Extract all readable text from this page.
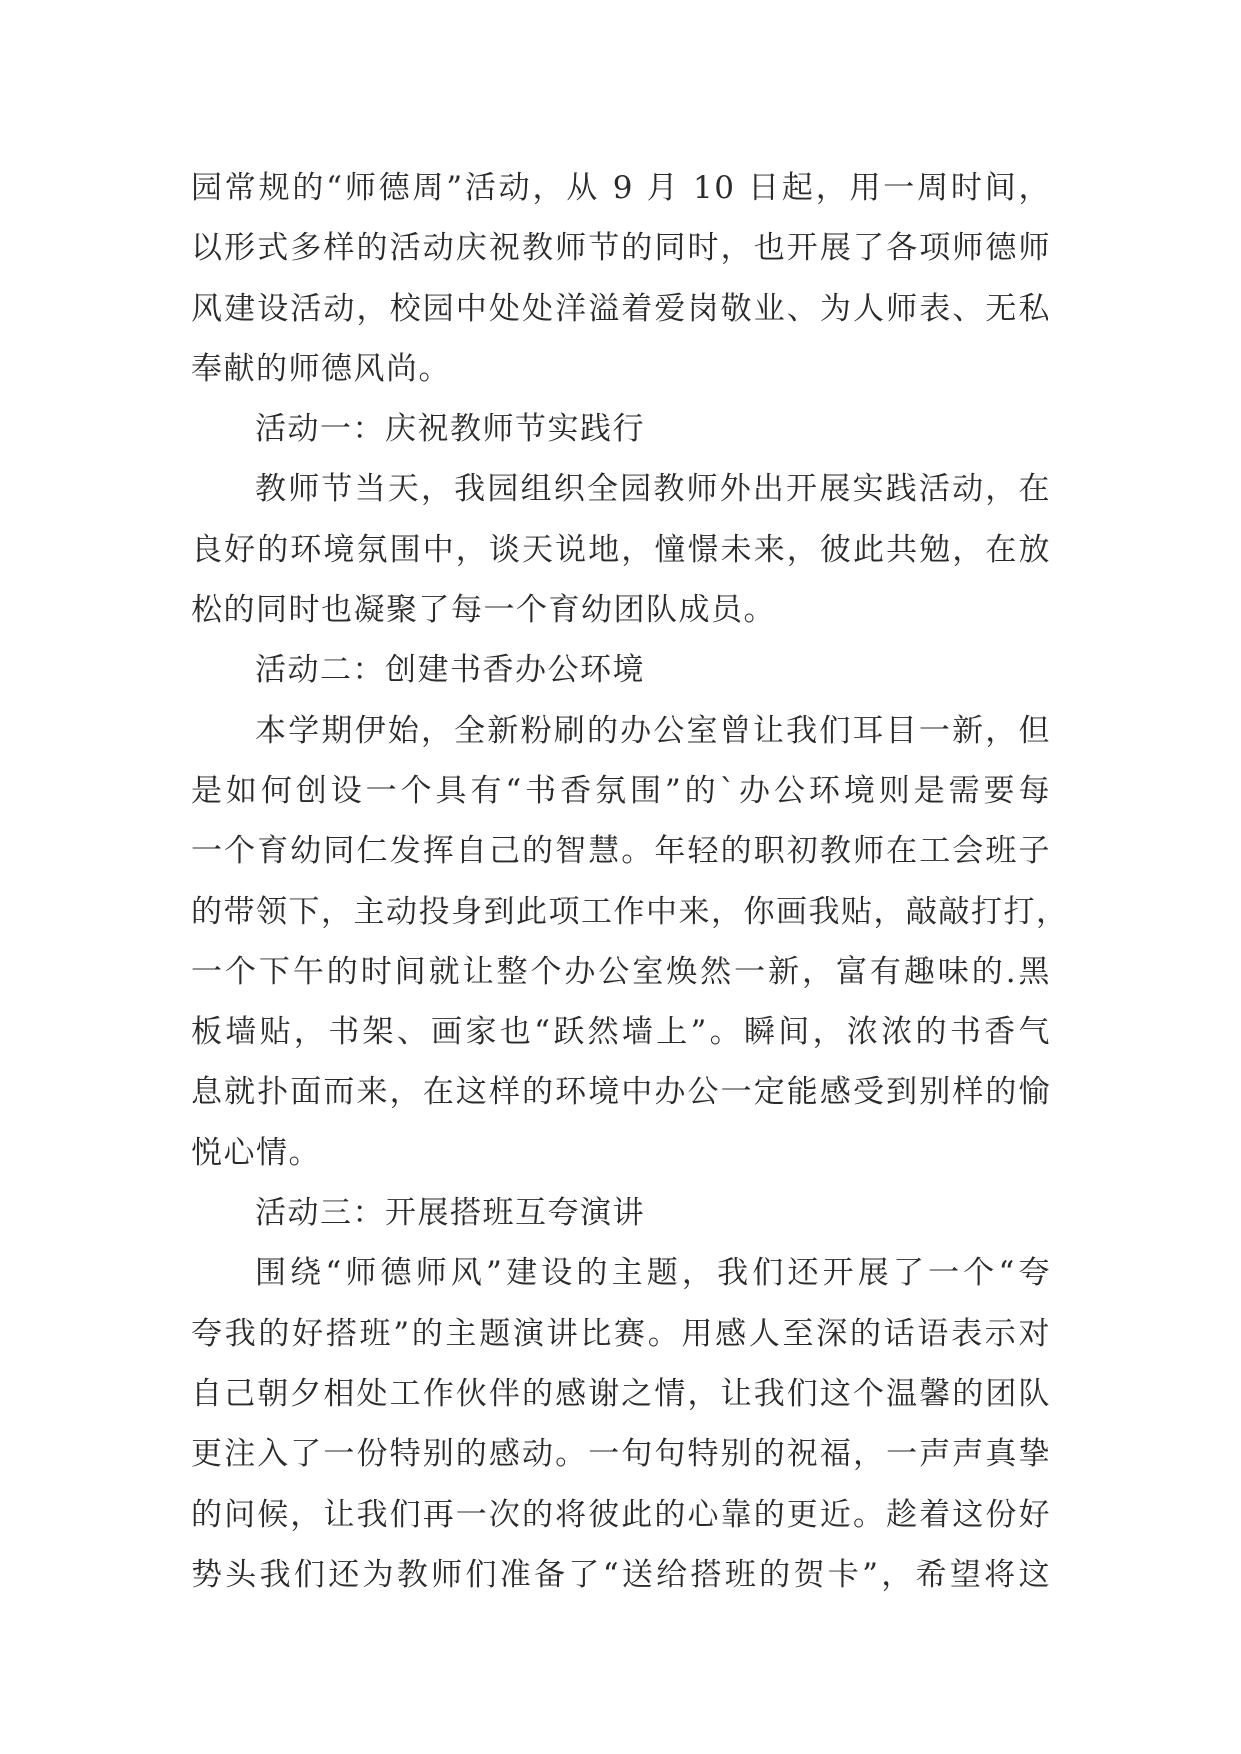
园常规的“师德周”活动，从 9 月 10 日起，用一周时间，
以形式多样的活动庆祝教师节的同时，也开展了各项师德师
风建设活动，校园中处处洋溢着爱岗敬业、为人师表、无私
奉献的师德风尚。
活动一：庆祝教师节实践行
教师节当天，我园组织全园教师外出开展实践活动，在
良好的环境氛围中，谈天说地，憧憬未来，彼此共勉，在放
松的同时也凝聚了每一个育幼团队成员。
活动二：创建书香办公环境
本学期伊始，全新粉刷的办公室曾让我们耳目一新，但
是如何创设一个具有“书香氛围”的`办公环境则是需要每
一个育幼同仁发挥自己的智慧。年轻的职初教师在工会班子
的带领下，主动投身到此项工作中来，你画我贴，敲敲打打，
一个下午的时间就让整个办公室焕然一新，富有趣味的.黑
板墙贴，书架、画家也“跃然墙上”。瞬间，浓浓的书香气
息就扑面而来，在这样的环境中办公一定能感受到别样的愉
悦心情。
活动三：开展搭班互夸演讲
围绕“师德师风”建设的主题，我们还开展了一个“夸
夸我的好搭班”的主题演讲比赛。用感人至深的话语表示对
自己朝夕相处工作伙伴的感谢之情，让我们这个温馨的团队
更注入了一份特别的感动。一句句特别的祝福，一声声真挚
的问候，让我们再一次的将彼此的心靠的更近。趁着这份好
势头我们还为教师们准备了“送给搭班的贺卡”，希望将这
